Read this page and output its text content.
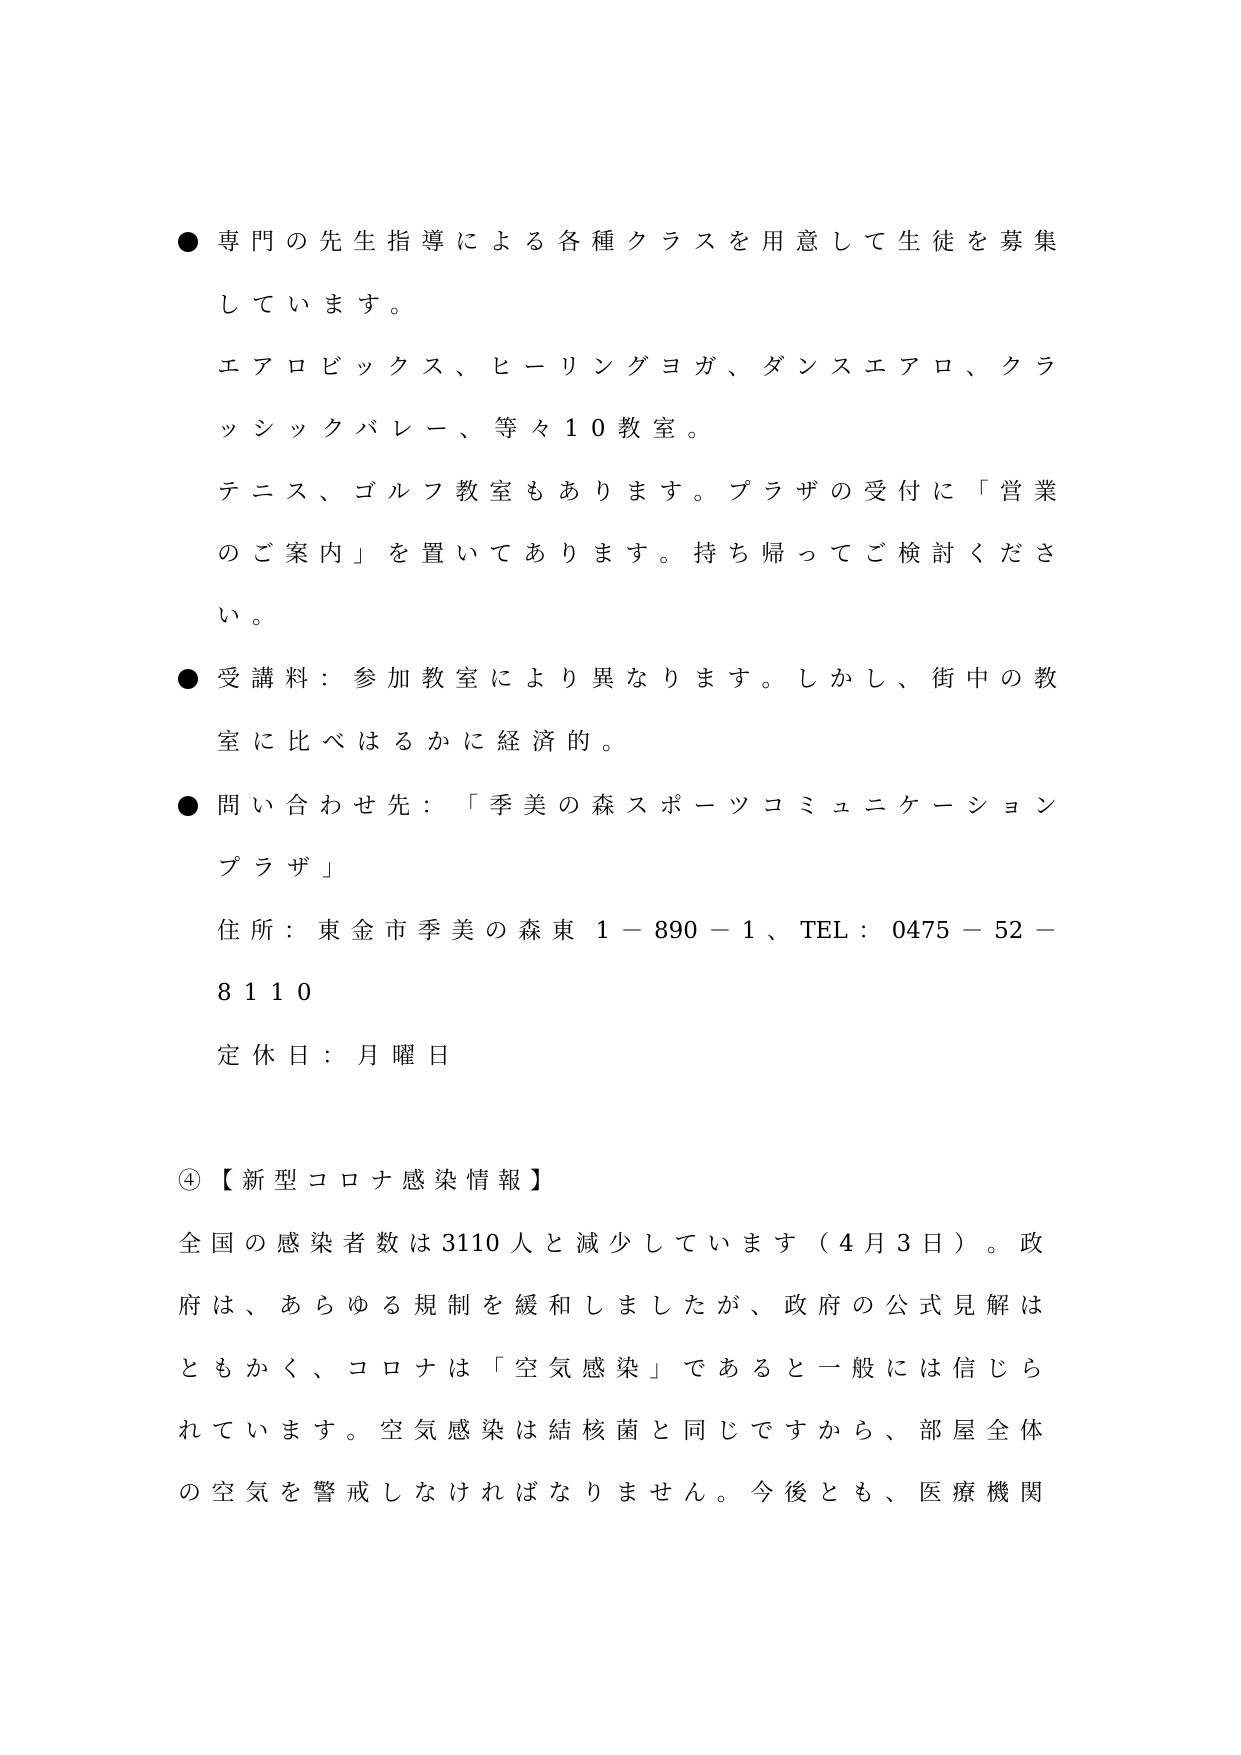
専 門 の 先 生 指 導 に よ る 各 種 ク ラ ス を 用 意 し て 生 徒 を 募 集
しています。
エ ア ロ ビ ッ ク ス 、 ヒ ー リ ン グ ヨ ガ 、 ダ ン ス エ ア ロ 、 ク ラ
ッシックバレー、等々10教室。
テ ニ ス 、 ゴ ル フ 教 室 も あ り ま す 。 プ ラ ザ の 受 付 に 「 営 業
の ご 案 内 」 を 置 い て あ り ま す 。 持 ち 帰 っ て ご 検 討 く だ さ
い。
受 講 料 ： 参 加 教 室 に よ り 異 な り ま す 。 し か し 、 街 中 の 教
室に比べはるかに経済的。
問 い 合 わ せ 先 ： 「 季 美 の 森 ス ポ ー ツ コ ミ ュ ニ ケ ー シ ョ ン
プラザ」
住 所 ： 東 金 市 季 美 の 森 東 1 － 890 － 1 、 TEL ： 0475 － 52 －
8110
定休日：月曜日
④【新型コロナ感染情報】
全 国 の 感 染 者 数 は 3110 人 と 減 少 し て い ま す （ 4 月 3 日 ） 。 政
府 は 、 あ ら ゆ る 規 制 を 緩 和 し ま し た が 、 政 府 の 公 式 見 解 は
と も か く 、 コ ロ ナ は 「 空 気 感 染 」 で あ る と 一 般 に は 信 じ ら
れ て い ま す 。 空 気 感 染 は 結 核 菌 と 同 じ で す か ら 、 部 屋 全 体
の 空 気 を 警 戒 し な け れ ば な り ま せ ん 。 今 後 と も 、 医 療 機 関
